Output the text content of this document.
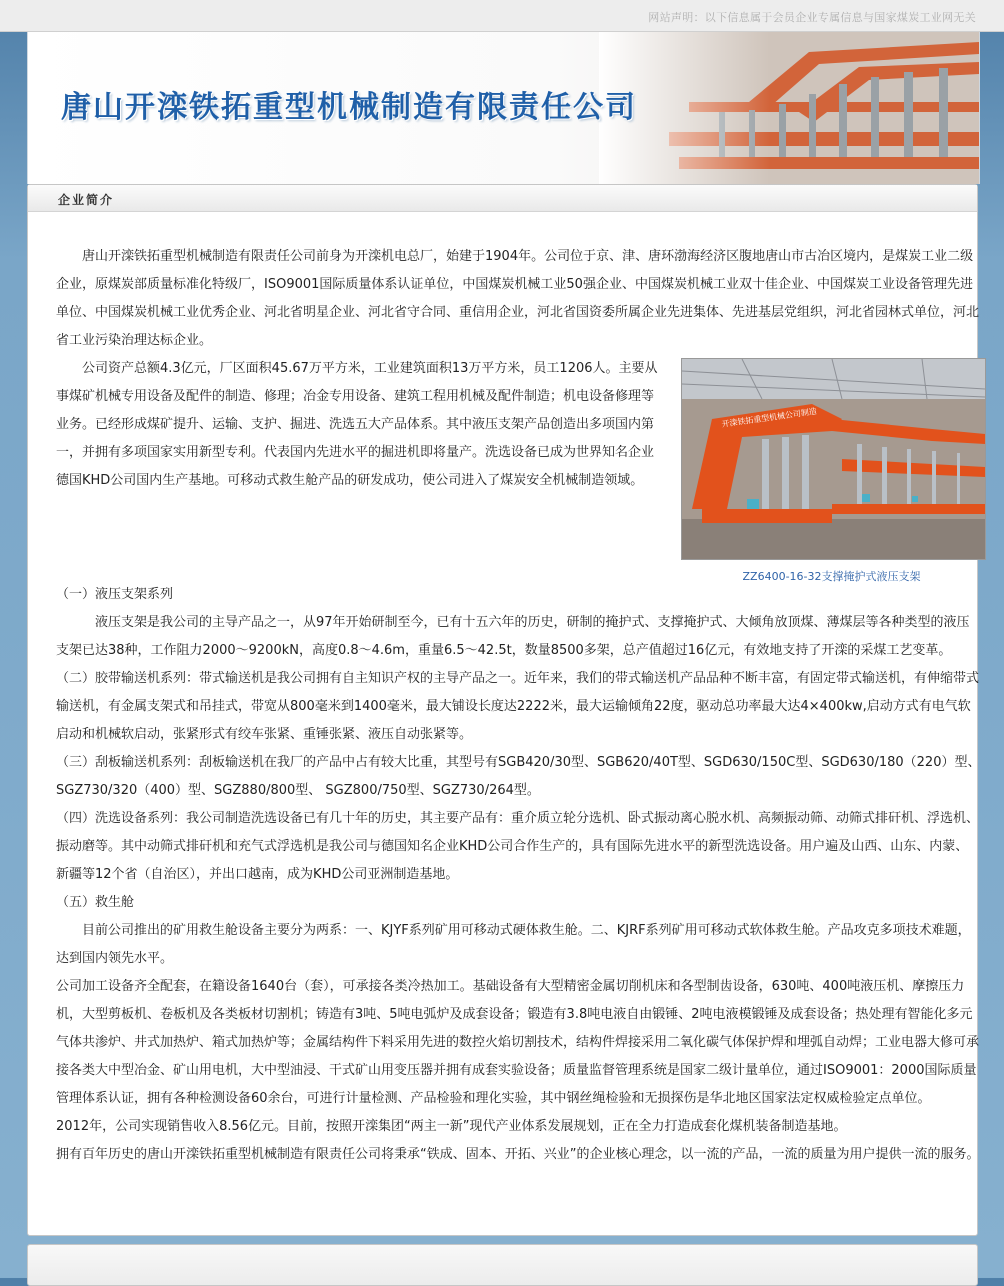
网站声明：以下信息属于会员企业专属信息与国家煤炭工业网无关
唐山开滦铁拓重型机械制造有限责任公司
企业简介

唐山开滦铁拓重型机械制造有限责任公司前身为开滦机电总厂，始建于1904年。公司位于京、津、唐环渤海经济区腹地唐山市古冶区境内，是煤炭工业二级企业，原煤炭部质量标准化特级厂，ISO9001国际质量体系认证单位，中国煤炭机械工业50强企业、中国煤炭机械工业双十佳企业、中国煤炭工业设备管理先进单位、中国煤炭机械工业优秀企业、河北省明星企业、河北省守合同、重信用企业，河北省国资委所属企业先进集体、先进基层党组织，河北省园林式单位，河北省工业污染治理达标企业。

开滦铁拓重型机械公司制造
ZZ6400-16-32支撑掩护式液压支架

公司资产总额4.3亿元，厂区面积45.67万平方米，工业建筑面积13万平方米，员工1206人。主要从事煤矿机械专用设备及配件的制造、修理；冶金专用设备、建筑工程用机械及配件制造；机电设备修理等业务。已经形成煤矿提升、运输、支护、掘进、洗选五大产品体系。其中液压支架产品创造出多项国内第一，并拥有多项国家实用新型专利。代表国内先进水平的掘进机即将量产。洗选设备已成为世界知名企业德国KHD公司国内生产基地。可移动式救生舱产品的研发成功，使公司进入了煤炭安全机械制造领域。

（一）液压支架系列

液压支架是我公司的主导产品之一，从97年开始研制至今，已有十五六年的历史，研制的掩护式、支撑掩护式、大倾角放顶煤、薄煤层等各种类型的液压支架已达38种，工作阻力2000～9200kN，高度0.8～4.6m，重量6.5～42.5t，数量8500多架，总产值超过16亿元，有效地支持了开滦的采煤工艺变革。

（二）胶带输送机系列：带式输送机是我公司拥有自主知识产权的主导产品之一。近年来，我们的带式输送机产品品种不断丰富，有固定带式输送机，有伸缩带式输送机，有金属支架式和吊挂式，带宽从800毫米到1400毫米，最大铺设长度达2222米，最大运输倾角22度，驱动总功率最大达4×400kw,启动方式有电气软启动和机械软启动，张紧形式有绞车张紧、重锤张紧、液压自动张紧等。

（三）刮板输送机系列：刮板输送机在我厂的产品中占有较大比重，其型号有SGB420/30型、SGB620/40T型、SGD630/150C型、SGD630/180（220）型、SGZ730/320（400）型、SGZ880/800型、 SGZ800/750型、SGZ730/264型。

（四）洗选设备系列：我公司制造洗选设备已有几十年的历史，其主要产品有：重介质立轮分选机、卧式振动离心脱水机、高频振动筛、动筛式排矸机、浮选机、振动磨等。其中动筛式排矸机和充气式浮选机是我公司与德国知名企业KHD公司合作生产的，具有国际先进水平的新型洗选设备。用户遍及山西、山东、内蒙、新疆等12个省（自治区），并出口越南，成为KHD公司亚洲制造基地。

（五）救生舱

目前公司推出的矿用救生舱设备主要分为两系：一、KJYF系列矿用可移动式硬体救生舱。二、KJRF系列矿用可移动式软体救生舱。产品攻克多项技术难题，达到国内领先水平。

公司加工设备齐全配套，在籍设备1640台（套），可承接各类冷热加工。基础设备有大型精密金属切削机床和各型制齿设备，630吨、400吨液压机、摩擦压力机，大型剪板机、卷板机及各类板材切割机；铸造有3吨、5吨电弧炉及成套设备；锻造有3.8吨电液自由锻锤、2吨电液模锻锤及成套设备；热处理有智能化多元气体共渗炉、井式加热炉、箱式加热炉等；金属结构件下料采用先进的数控火焰切割技术，结构件焊接采用二氧化碳气体保护焊和埋弧自动焊；工业电器大修可承接各类大中型冶金、矿山用电机，大中型油浸、干式矿山用变压器并拥有成套实验设备；质量监督管理系统是国家二级计量单位，通过ISO9001：2000国际质量管理体系认证，拥有各种检测设备60余台，可进行计量检测、产品检验和理化实验，其中钢丝绳检验和无损探伤是华北地区国家法定权威检验定点单位。

2012年，公司实现销售收入8.56亿元。目前，按照开滦集团“两主一新”现代产业体系发展规划，正在全力打造成套化煤机装备制造基地。

拥有百年历史的唐山开滦铁拓重型机械制造有限责任公司将秉承“铁成、固本、开拓、兴业”的企业核心理念，以一流的产品，一流的质量为用户提供一流的服务。
